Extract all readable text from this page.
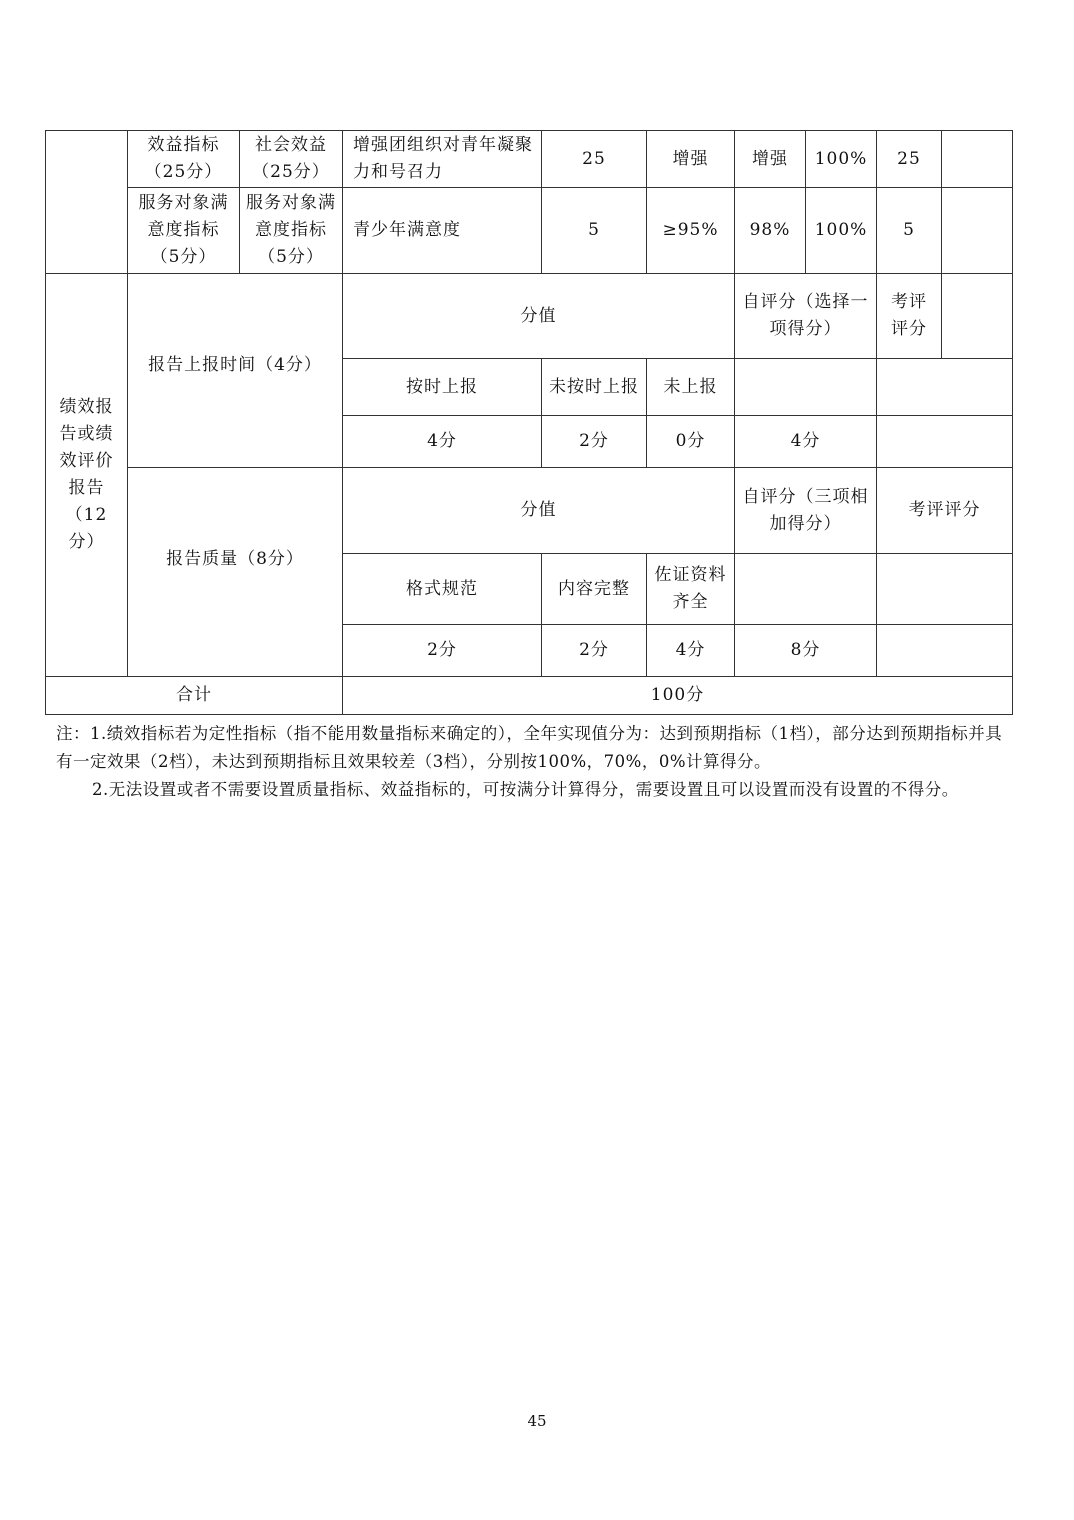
	效益指标（25分）	社会效益（25分）	增强团组织对青年凝聚力和号召力	25	增强	增强	100%	25	
	服务对象满意度指标（5分）	服务对象满意度指标（5分）	青少年满意度	5	≥95%	98%	100%	5	
绩效报告或绩效评价报告（12分）	报告上报时间（4分）		分值			自评分（选择一项得分）		考评评分	
			按时上报	未按时上报	未上报				
			4分	2分	0分	4分			
	报告质量（8分）		分值			自评分（三项相加得分）		考评评分	
			格式规范	内容完整	佐证资料齐全				
			2分	2分	4分	8分			
合计			100分						

注：1.绩效指标若为定性指标（指不能用数量指标来确定的），全年实现值分为：达到预期指标（1档），部分达到预期指标并具有一定效果（2档），未达到预期指标且效果较差（3档），分别按100%，70%，0%计算得分。

2.无法设置或者不需要设置质量指标、效益指标的，可按满分计算得分，需要设置且可以设置而没有设置的不得分。

45
